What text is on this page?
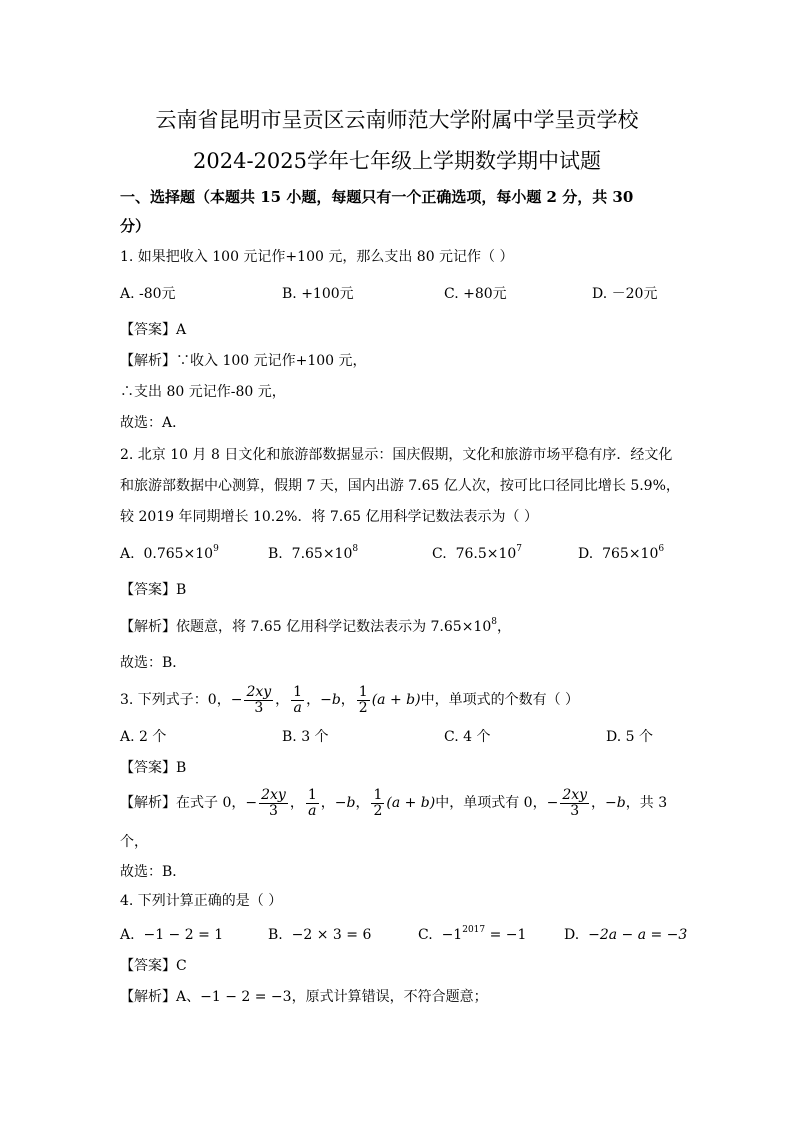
云南省昆明市呈贡区云南师范大学附属中学呈贡学校
2024-2025学年七年级上学期数学期中试题
一、选择题（本题共 15 小题，每题只有一个正确选项，每小题 2 分，共 30
分）
1. 如果把收入 100 元记作+100 元，那么支出 80 元记作（ ）
A. -80元	B. +100元	C. +80元	D. －20元
【答案】A
【解析】∵收入 100 元记作+100 元，
∴支出 80 元记作-80 元，
故选：A．
2. 北京 10 月 8 日文化和旅游部数据显示：国庆假期，文化和旅游市场平稳有序．经文化
和旅游部数据中心测算，假期 7 天，国内出游 7.65 亿人次，按可比口径同比增长 5.9%，
较 2019 年同期增长 10.2%．将 7.65 亿用科学记数法表示为（ ）
A. $0.765\times 10^9$	B. $7.65\times 10^8$	C. $76.5\times 10^7$	D. $765\times 10^6$
【答案】B
【解析】依题意，将 7.65 亿用科学记数法表示为 $7.65\times 10^8$，
故选：B．
3. 下列式子：0，− $\frac{2xy}{3}$ ， $\frac{1}{a}$ ，−b， $\frac{1}{2} (a + b)$中，单项式的个数有（ ）
A. 2 个	B. 3 个	C. 4 个	D. 5 个
【答案】B
【解析】在式子 0，− $\frac{2xy}{3}$ ， $\frac{1}{a}$ ，−b， $\frac{1}{2} (a + b)$中，单项式有 0，− $\frac{2xy}{3}$ ，−b，共 3
个，
故选：B．
4. 下列计算正确的是（ ）
A. −1 − 2 = 1	B. −2 × 3 = 6	C. $-1^{2017} = -1$	D. −2a − a = −3
【答案】C
【解析】A、−1 − 2 = −3，原式计算错误，不符合题意；
